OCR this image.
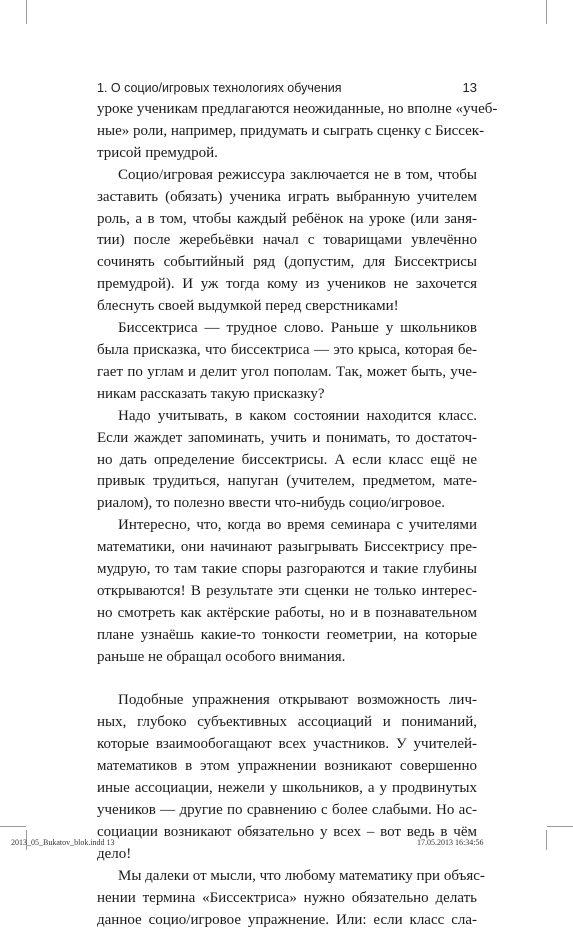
1. О социо/игровых технологиях обучения	13

уроке ученикам предлагаются неожиданные, но вполне «учеб-
ные» роли, например, придумать и сыграть сценку с Биссек-
трисой премудрой.

Социо/игровая режиссура заключается не в том, чтобы
заставить (обязать) ученика играть выбранную учителем
роль, а в том, чтобы каждый ребёнок на уроке (или заня-
тии) после жеребьёвки начал с товарищами увлечённо
сочинять событийный ряд (допустим, для Биссектрисы
премудрой). И уж тогда кому из учеников не захочется
блеснуть своей выдумкой перед сверстниками!

Биссектриса — трудное слово. Раньше у школьников
была присказка, что биссектриса — это крыса, которая бе-
гает по углам и делит угол пополам. Так, может быть, уче-
никам рассказать такую присказку?

Надо учитывать, в каком состоянии находится класс.
Если жаждет запоминать, учить и понимать, то достаточ-
но дать определение биссектрисы. А если класс ещё не
привык трудиться, напуган (учителем, предметом, мате-
риалом), то полезно ввести что-нибудь социо/игровое.

Интересно, что, когда во время семинара с учителями
математики, они начинают разыгрывать Биссектрису пре-
мудрую, то там такие споры разгораются и такие глубины
открываются! В результате эти сценки не только интерес-
но смотреть как актёрские работы, но и в познавательном
плане узнаёшь какие-то тонкости геометрии, на которые
раньше не обращал особого внимания.

Подобные упражнения открывают возможность лич-
ных, глубоко субъективных ассоциаций и пониманий,
которые взаимообогащают всех участников. У учителей-
математиков в этом упражнении возникают совершенно
иные ассоциации, нежели у школьников, а у продвинутых
учеников — другие по сравнению с более слабыми. Но ас-
социации возникают обязательно у всех – вот ведь в чём
дело!

Мы далеки от мысли, что любому математику при объяс-
нении термина «Биссектриса» нужно обязательно делать
данное социо/игровое упражнение. Или: если класс сла-

2013_05_Bukatov_blok.indd 13	17.05.2013 16:34:56
